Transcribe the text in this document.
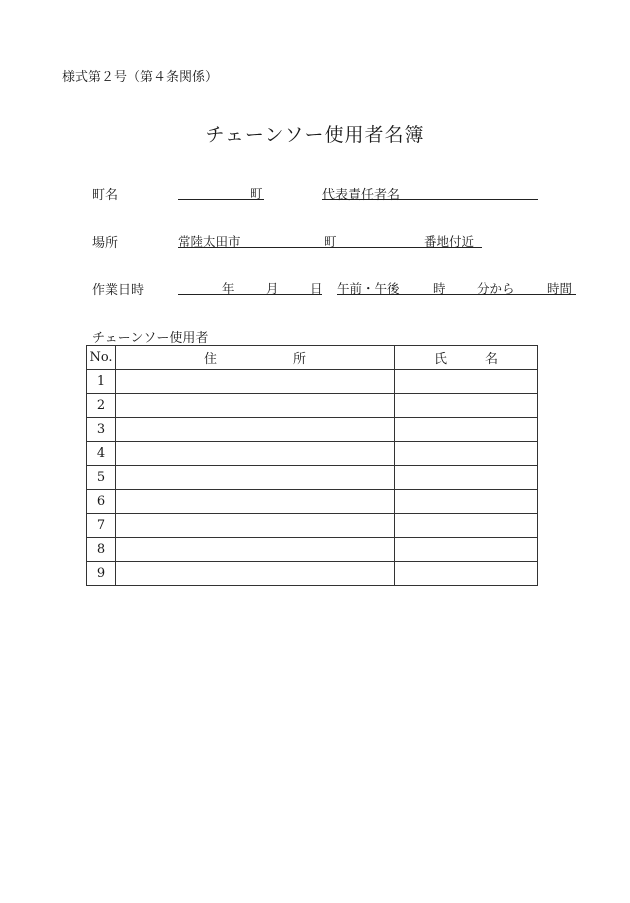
様式第２号（第４条関係）
チェーンソー使用者名簿
町名	町	代表責任者名
場所	常陸太田市	町	番地付近
作業日時	年	月	日 午前・午後	時	分から	時間
チェーンソー使用者
No.	住 所	氏 名

1		
2		
3		
4		
5		
6		
7		
8		
9		
